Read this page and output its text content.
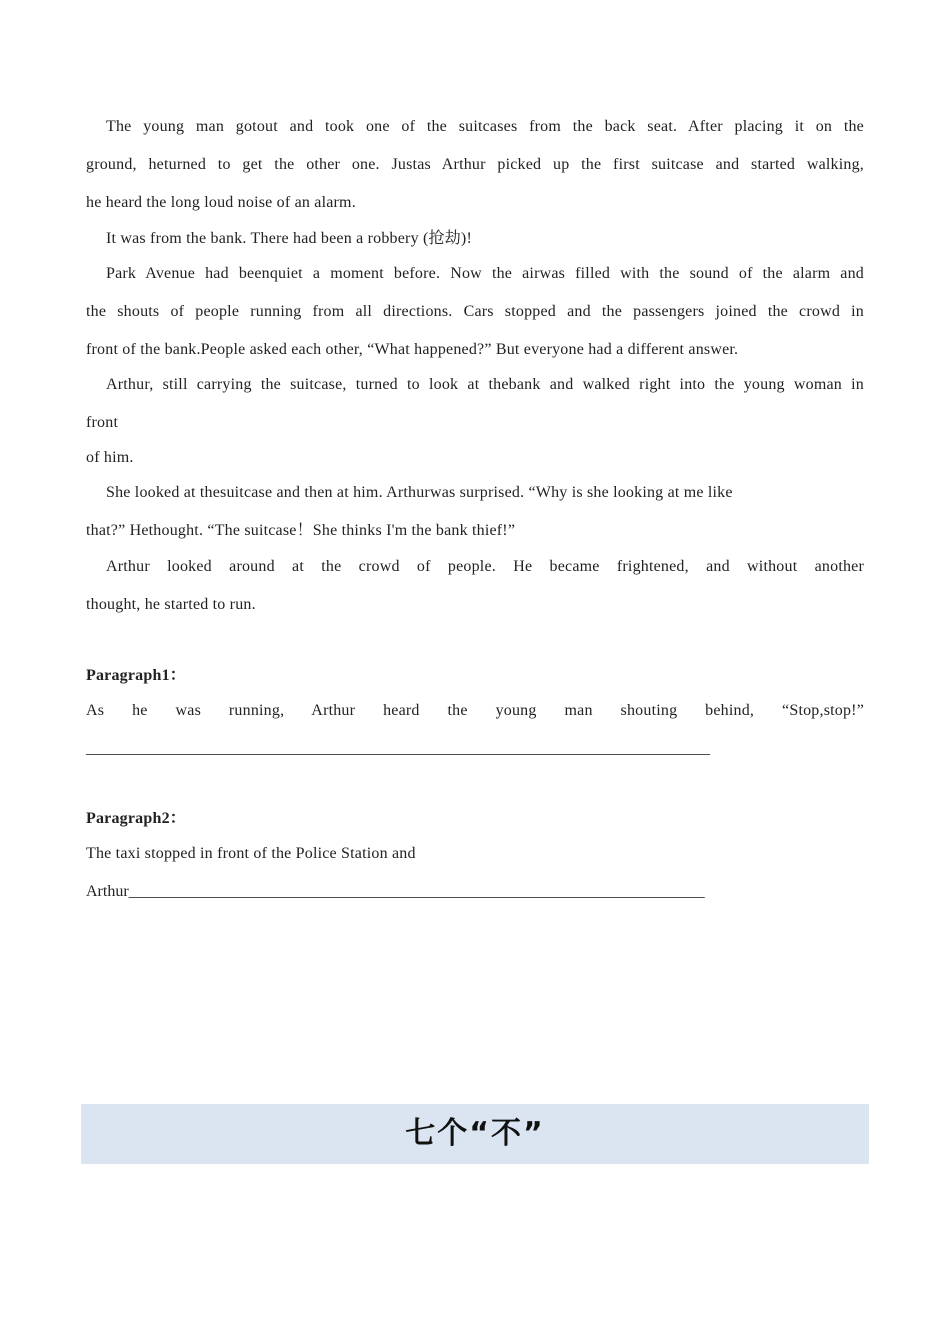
The young man gotout and took one of the suitcases from the back seat. After placing it on the
ground, heturned to get the other one. Justas Arthur picked up the first suitcase and started walking,
he heard the long loud noise of an alarm.
It was from the bank. There had been a robbery (抢劫)!
Park Avenue had beenquiet a moment before. Now the airwas filled with the sound of the alarm and
the shouts of people running from all directions. Cars stopped and the passengers joined the crowd in
front of the bank.People asked each other, “What happened?” But everyone had a different answer.
Arthur, still carrying the suitcase, turned to look at thebank and walked right into the young woman in
front
of him.
She looked at thesuitcase and then at him. Arthurwas surprised. “Why is she looking at me like
that?” Hethought. “The suitcase！She thinks I'm the bank thief!”
Arthur looked around at the crowd of people. He became frightened, and without another
thought, he started to run.
Paragraph1：
As he was running, Arthur heard the young man shouting behind, “Stop,stop!”
______________________________________________________________________________
Paragraph2：
The taxi stopped in front of the Police Station and
Arthur________________________________________________________________________
七个“不”
